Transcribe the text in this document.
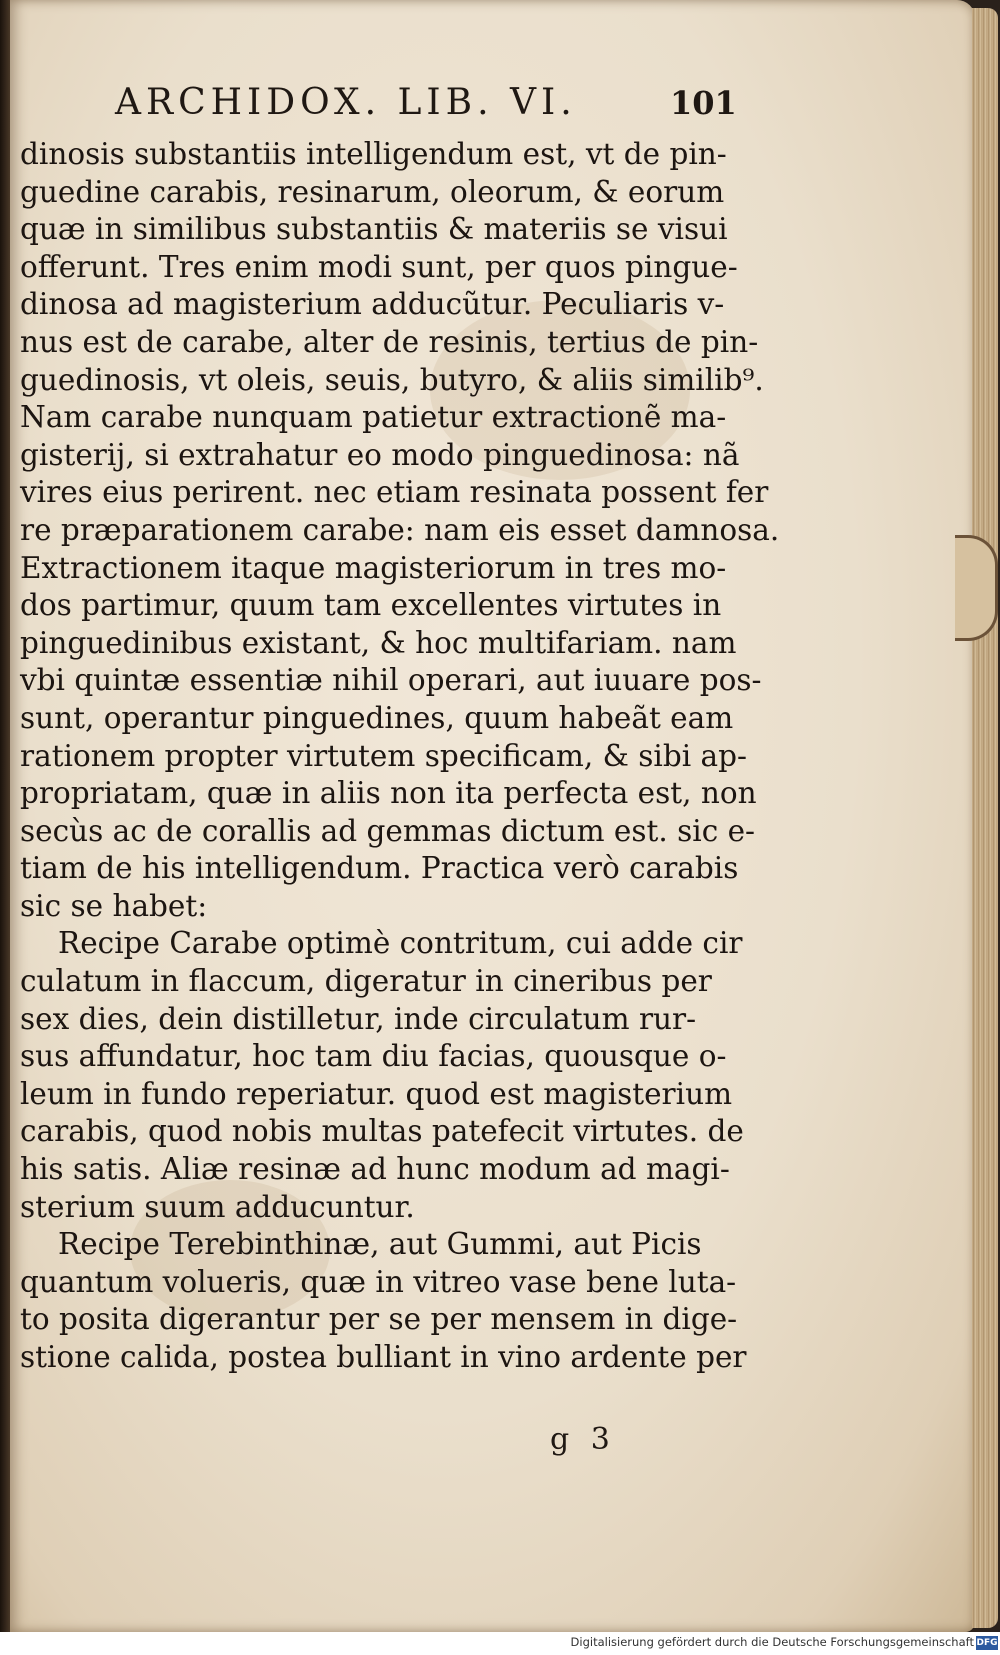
ARCHIDOX. LIB. VI.	101
dinosis substantiis intelligendum est, vt de pin-
guedine carabis, resinarum, oleorum, & eorum
quæ in similibus substantiis & materiis se visui
offerunt. Tres enim modi sunt, per quos pingue-
dinosa ad magisterium adducũtur. Peculiaris v-
nus est de carabe, alter de resinis, tertius de pin-
guedinosis, vt oleis, seuis, butyro, & aliis similib⁹.
Nam carabe nunquam patietur extractionẽ ma-
gisterij, si extrahatur eo modo pinguedinosa: nã
vires eius perirent. nec etiam resinata possent fer
re præparationem carabe: nam eis esset damnosa.
Extractionem itaque magisteriorum in tres mo-
dos partimur, quum tam excellentes virtutes in
pinguedinibus existant, & hoc multifariam. nam
vbi quintæ essentiæ nihil operari, aut iuuare pos-
sunt, operantur pinguedines, quum habeãt eam
rationem propter virtutem specificam, & sibi ap-
propriatam, quæ in aliis non ita perfecta est, non
secùs ac de corallis ad gemmas dictum est. sic e-
tiam de his intelligendum. Practica verò carabis
sic se habet:
Recipe Carabe optimè contritum, cui adde cir
culatum in flaccum, digeratur in cineribus per
sex dies, dein distilletur, inde circulatum rur-
sus affundatur, hoc tam diu facias, quousque o-
leum in fundo reperiatur. quod est magisterium
carabis, quod nobis multas patefecit virtutes. de
his satis. Aliæ resinæ ad hunc modum ad magi-
sterium suum adducuntur.
Recipe Terebinthinæ, aut Gummi, aut Picis
quantum volueris, quæ in vitreo vase bene luta-
to posita digerantur per se per mensem in dige-
stione calida, postea bulliant in vino ardente per
g 3
Digitalisierung gefördert durch die Deutsche Forschungsgemeinschaft DFG
